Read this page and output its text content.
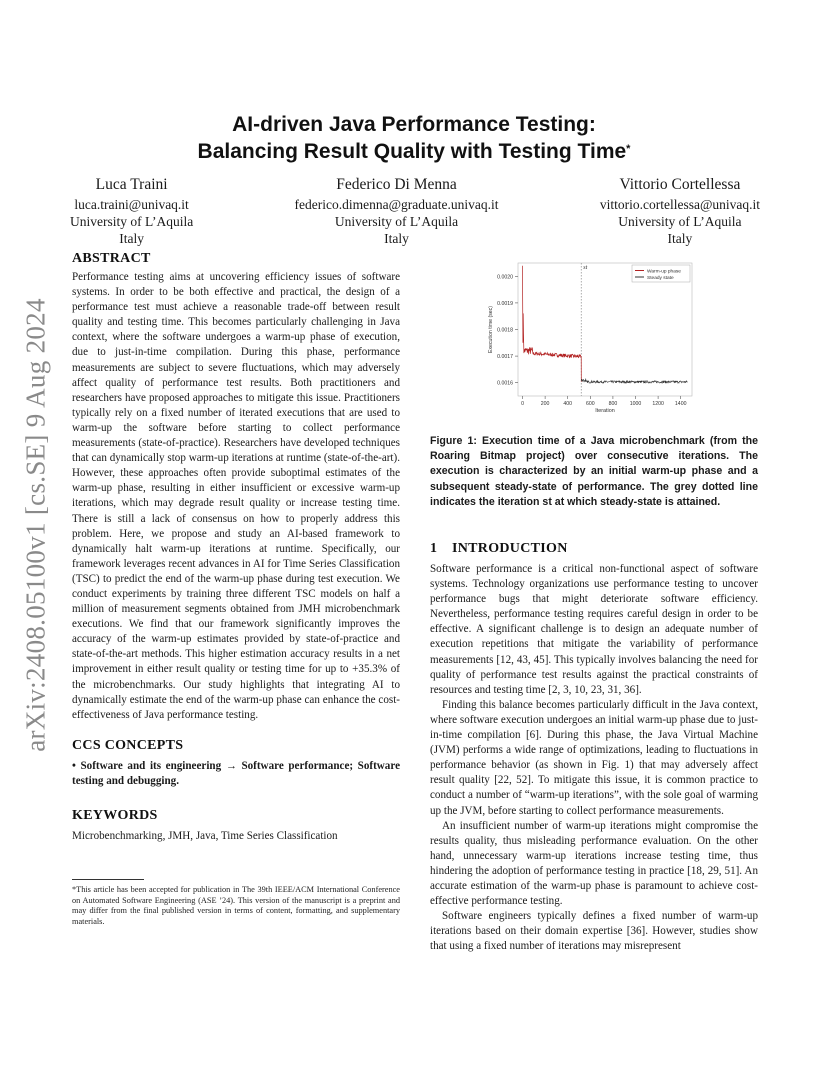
arXiv:2408.05100v1 [cs.SE] 9 Aug 2024
AI-driven Java Performance Testing:
Balancing Result Quality with Testing Time*
Luca Traini
luca.traini@univaq.it
University of L’Aquila
Italy
Federico Di Menna
federico.dimenna@graduate.univaq.it
University of L’Aquila
Italy
Vittorio Cortellessa
vittorio.cortellessa@univaq.it
University of L’Aquila
Italy
ABSTRACT

Performance testing aims at uncovering efficiency issues of software systems. In order to be both effective and practical, the design of a performance test must achieve a reasonable trade-off between result quality and testing time. This becomes particularly challenging in Java context, where the software undergoes a warm-up phase of execution, due to just-in-time compilation. During this phase, performance measurements are subject to severe fluctuations, which may adversely affect quality of performance test results. Both practitioners and researchers have proposed approaches to mitigate this issue. Practitioners typically rely on a fixed number of iterated executions that are used to warm-up the software before starting to collect performance measurements (state-of-practice). Researchers have developed techniques that can dynamically stop warm-up iterations at runtime (state-of-the-art). However, these approaches often provide suboptimal estimates of the warm-up phase, resulting in either insufficient or excessive warm-up iterations, which may degrade result quality or increase testing time. There is still a lack of consensus on how to properly address this problem. Here, we propose and study an AI-based framework to dynamically halt warm-up iterations at runtime. Specifically, our framework leverages recent advances in AI for Time Series Classification (TSC) to predict the end of the warm-up phase during test execution. We conduct experiments by training three different TSC models on half a million of measurement segments obtained from JMH microbenchmark executions. We find that our framework significantly improves the accuracy of the warm-up estimates provided by state-of-practice and state-of-the-art methods. This higher estimation accuracy results in a net improvement in either result quality or testing time for up to +35.3% of the microbenchmarks. Our study highlights that integrating AI to dynamically estimate the end of the warm-up phase can enhance the cost-effectiveness of Java performance testing.

CCS CONCEPTS

• Software and its engineering → Software performance; Software testing and debugging.

KEYWORDS

Microbenchmarking, JMH, Java, Time Series Classification

*This article has been accepted for publication in The 39th IEEE/ACM International Conference on Automated Software Engineering (ASE ’24). This version of the manuscript is a preprint and may differ from the final published version in terms of content, formatting, and supplementary materials.

0.0016
0.0017
0.0018
0.0019
0.0020
0	200	400	600	800 1000 1200 1400
Iteration
Execution time (sec)
st
Warm-up phase
Steady state

Figure 1: Execution time of a Java microbenchmark (from the Roaring Bitmap project) over consecutive iterations. The execution is characterized by an initial warm-up phase and a subsequent steady-state of performance. The grey dotted line indicates the iteration st at which steady-state is attained.

1 INTRODUCTION

Software performance is a critical non-functional aspect of software systems. Technology organizations use performance testing to uncover performance bugs that might deteriorate software efficiency. Nevertheless, performance testing requires careful design in order to be effective. A significant challenge is to design an adequate number of execution repetitions that mitigate the variability of performance measurements [12, 43, 45]. This typically involves balancing the need for quality of performance test results against the practical constraints of resources and testing time [2, 3, 10, 23, 31, 36].

Finding this balance becomes particularly difficult in the Java context, where software execution undergoes an initial warm-up phase due to just-in-time compilation [6]. During this phase, the Java Virtual Machine (JVM) performs a wide range of optimizations, leading to fluctuations in performance behavior (as shown in Fig. 1) that may adversely affect result quality [22, 52]. To mitigate this issue, it is common practice to conduct a number of “warm-up iterations”, with the sole goal of warming up the JVM, before starting to collect performance measurements.

An insufficient number of warm-up iterations might compromise the results quality, thus misleading performance evaluation. On the other hand, unnecessary warm-up iterations increase testing time, thus hindering the adoption of performance testing in practice [18, 29, 51]. An accurate estimation of the warm-up phase is paramount to achieve cost-effective performance testing.

Software engineers typically defines a fixed number of warm-up iterations based on their domain expertise [36]. However, studies show that using a fixed number of iterations may misrepresent
